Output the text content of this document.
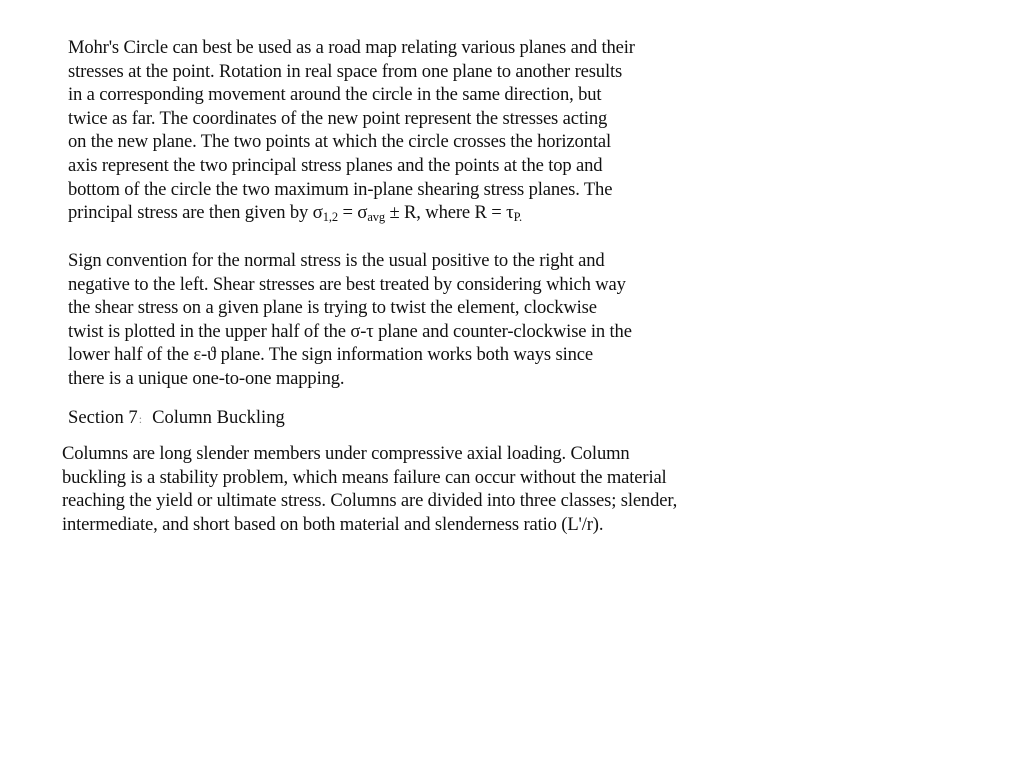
Mohr's Circle can best be used as a road map relating various planes and their
stresses at the point. Rotation in real space from one plane to another results
in a corresponding movement around the circle in the same direction, but
twice as far. The coordinates of the new point represent the stresses acting
on the new plane. The two points at which the circle crosses the horizontal
axis represent the two principal stress planes and the points at the top and
bottom of the circle the two maximum in-plane shearing stress planes. The
principal stress are then given by $\sigma_{1,2} = \sigma_{avg} \pm R$, where $R = \tau_{P.}$

Sign convention for the normal stress is the usual positive to the right and
negative to the left. Shear stresses are best treated by considering which way
the shear stress on a given plane is trying to twist the element, clockwise
twist is plotted in the upper half of the σ-τ plane and counter-clockwise in the
lower half of the ε-ϑ plane. The sign information works both ways since
there is a unique one-to-one mapping.

Section 7: Column Buckling

Columns are long slender members under compressive axial loading. Column
buckling is a stability problem, which means failure can occur without the material
reaching the yield or ultimate stress. Columns are divided into three classes; slender,
intermediate, and short based on both material and slenderness ratio (L'/r).
